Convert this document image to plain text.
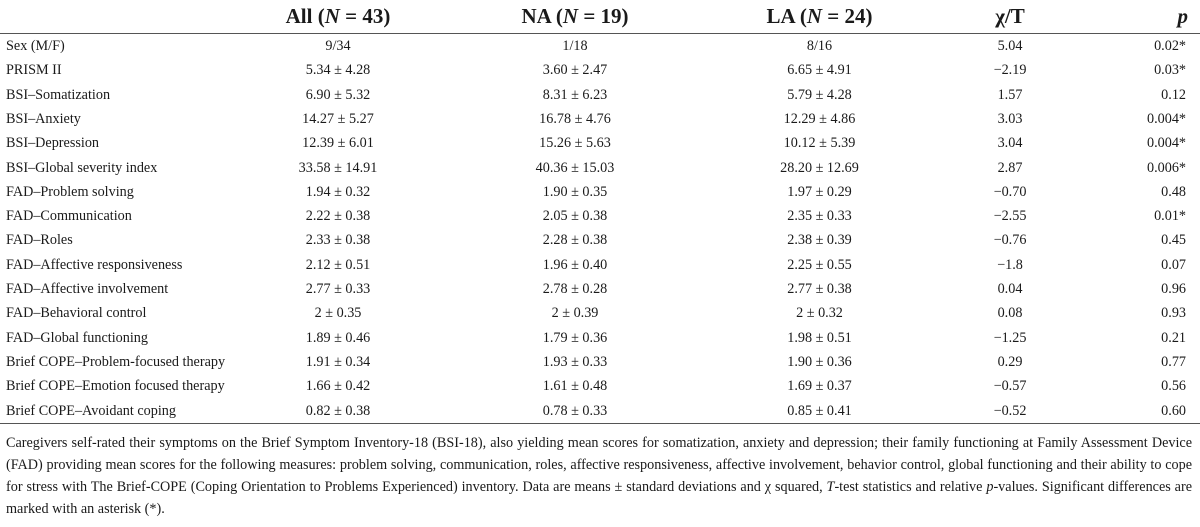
	All (N = 43)	NA (N = 19)	LA (N = 24)	χ/T	p
Sex (M/F)	9/34	1/18	8/16	5.04	0.02*
PRISM II	5.34 ± 4.28	3.60 ± 2.47	6.65 ± 4.91	−2.19	0.03*
BSI–Somatization	6.90 ± 5.32	8.31 ± 6.23	5.79 ± 4.28	1.57	0.12
BSI–Anxiety	14.27 ± 5.27	16.78 ± 4.76	12.29 ± 4.86	3.03	0.004*
BSI–Depression	12.39 ± 6.01	15.26 ± 5.63	10.12 ± 5.39	3.04	0.004*
BSI–Global severity index	33.58 ± 14.91	40.36 ± 15.03	28.20 ± 12.69	2.87	0.006*
FAD–Problem solving	1.94 ± 0.32	1.90 ± 0.35	1.97 ± 0.29	−0.70	0.48
FAD–Communication	2.22 ± 0.38	2.05 ± 0.38	2.35 ± 0.33	−2.55	0.01*
FAD–Roles	2.33 ± 0.38	2.28 ± 0.38	2.38 ± 0.39	−0.76	0.45
FAD–Affective responsiveness	2.12 ± 0.51	1.96 ± 0.40	2.25 ± 0.55	−1.8	0.07
FAD–Affective involvement	2.77 ± 0.33	2.78 ± 0.28	2.77 ± 0.38	0.04	0.96
FAD–Behavioral control	2 ± 0.35	2 ± 0.39	2 ± 0.32	0.08	0.93
FAD–Global functioning	1.89 ± 0.46	1.79 ± 0.36	1.98 ± 0.51	−1.25	0.21
Brief COPE–Problem-focused therapy	1.91 ± 0.34	1.93 ± 0.33	1.90 ± 0.36	0.29	0.77
Brief COPE–Emotion focused therapy	1.66 ± 0.42	1.61 ± 0.48	1.69 ± 0.37	−0.57	0.56
Brief COPE–Avoidant coping	0.82 ± 0.38	0.78 ± 0.33	0.85 ± 0.41	−0.52	0.60
Caregivers self-rated their symptoms on the Brief Symptom Inventory-18 (BSI-18), also yielding mean scores for somatization, anxiety and depression; their family functioning at Family Assessment Device (FAD) providing mean scores for the following measures: problem solving, communication, roles, affective responsiveness, affective involvement, behavior control, global functioning and their ability to cope for stress with The Brief-COPE (Coping Orientation to Problems Experienced) inventory. Data are means ± standard deviations and χ squared, T-test statistics and relative p-values. Significant differences are marked with an asterisk (*).
